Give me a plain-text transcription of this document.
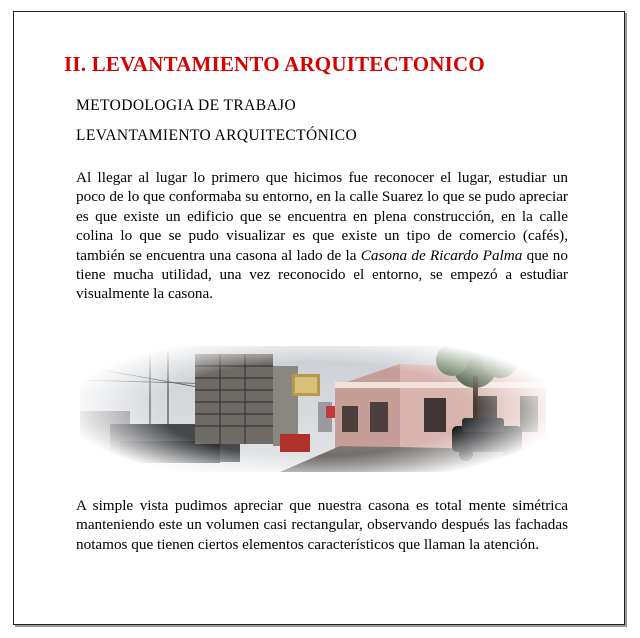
II. LEVANTAMIENTO ARQUITECTONICO
METODOLOGIA DE TRABAJO
LEVANTAMIENTO ARQUITECTÓNICO

Al llegar al lugar lo primero que hicimos fue reconocer el lugar, estudiar un poco de lo que conformaba su entorno, en la calle Suarez lo que se pudo apreciar es que existe un edificio que se encuentra en plena construcción, en la calle colina lo que se pudo visualizar es que existe un tipo de comercio (cafés), también se encuentra una casona al lado de la Casona de Ricardo Palma que no tiene mucha utilidad, una vez reconocido el entorno, se empezó a estudiar visualmente la casona.

A simple vista pudimos apreciar que nuestra casona es total mente simétrica manteniendo este un volumen casi rectangular, observando después las fachadas notamos que tienen ciertos elementos característicos que llaman la atención.
